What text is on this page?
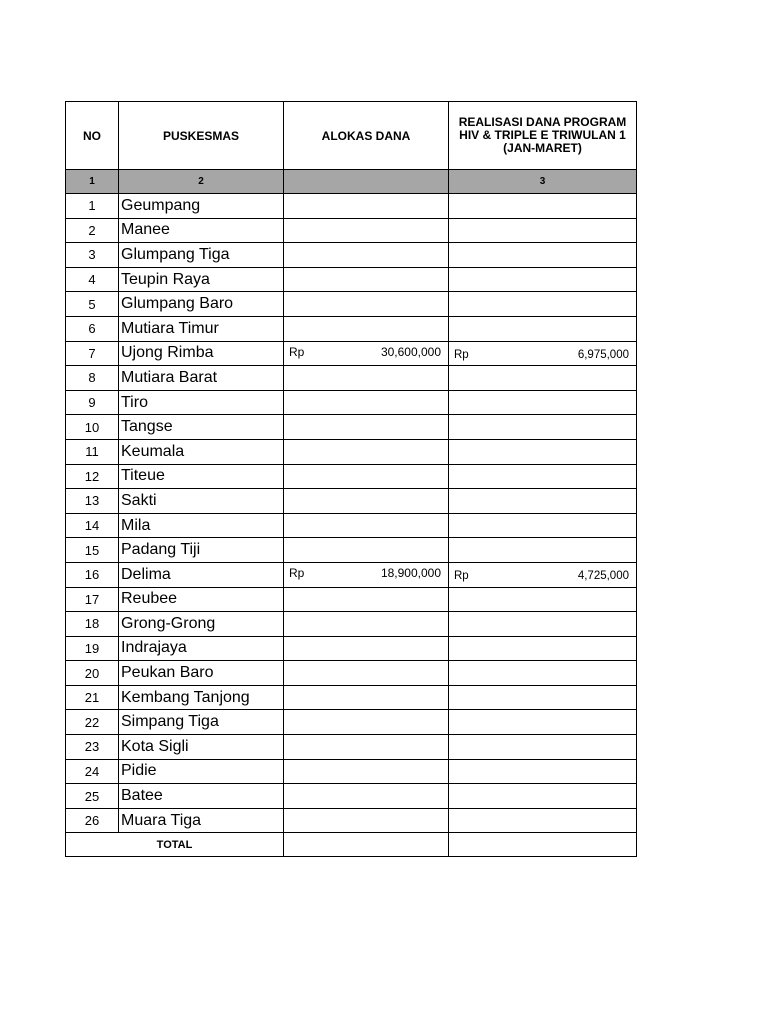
NO	PUSKESMAS	ALOKAS DANA	REALISASI DANA PROGRAM HIV & TRIPLE E TRIWULAN 1 (JAN-MARET)
1	2		3
1	Geumpang	

2	Manee	

3	Glumpang Tiga	

4	Teupin Raya	

5	Glumpang Baro	

6	Mutiara Timur	

7	Ujong Rimba	Rp 30,600,000	Rp 6,975,000

8	Mutiara Barat	

9	Tiro	

10	Tangse	

11	Keumala	

12	Titeue	

13	Sakti	

14	Mila	

15	Padang Tiji	

16	Delima	Rp 18,900,000	Rp 4,725,000

17	Reubee	

18	Grong-Grong	

19	Indrajaya	

20	Peukan Baro	

21	Kembang Tanjong	

22	Simpang Tiga	

23	Kota Sigli	

24	Pidie	

25	Batee	

26	Muara Tiga	

TOTAL			
